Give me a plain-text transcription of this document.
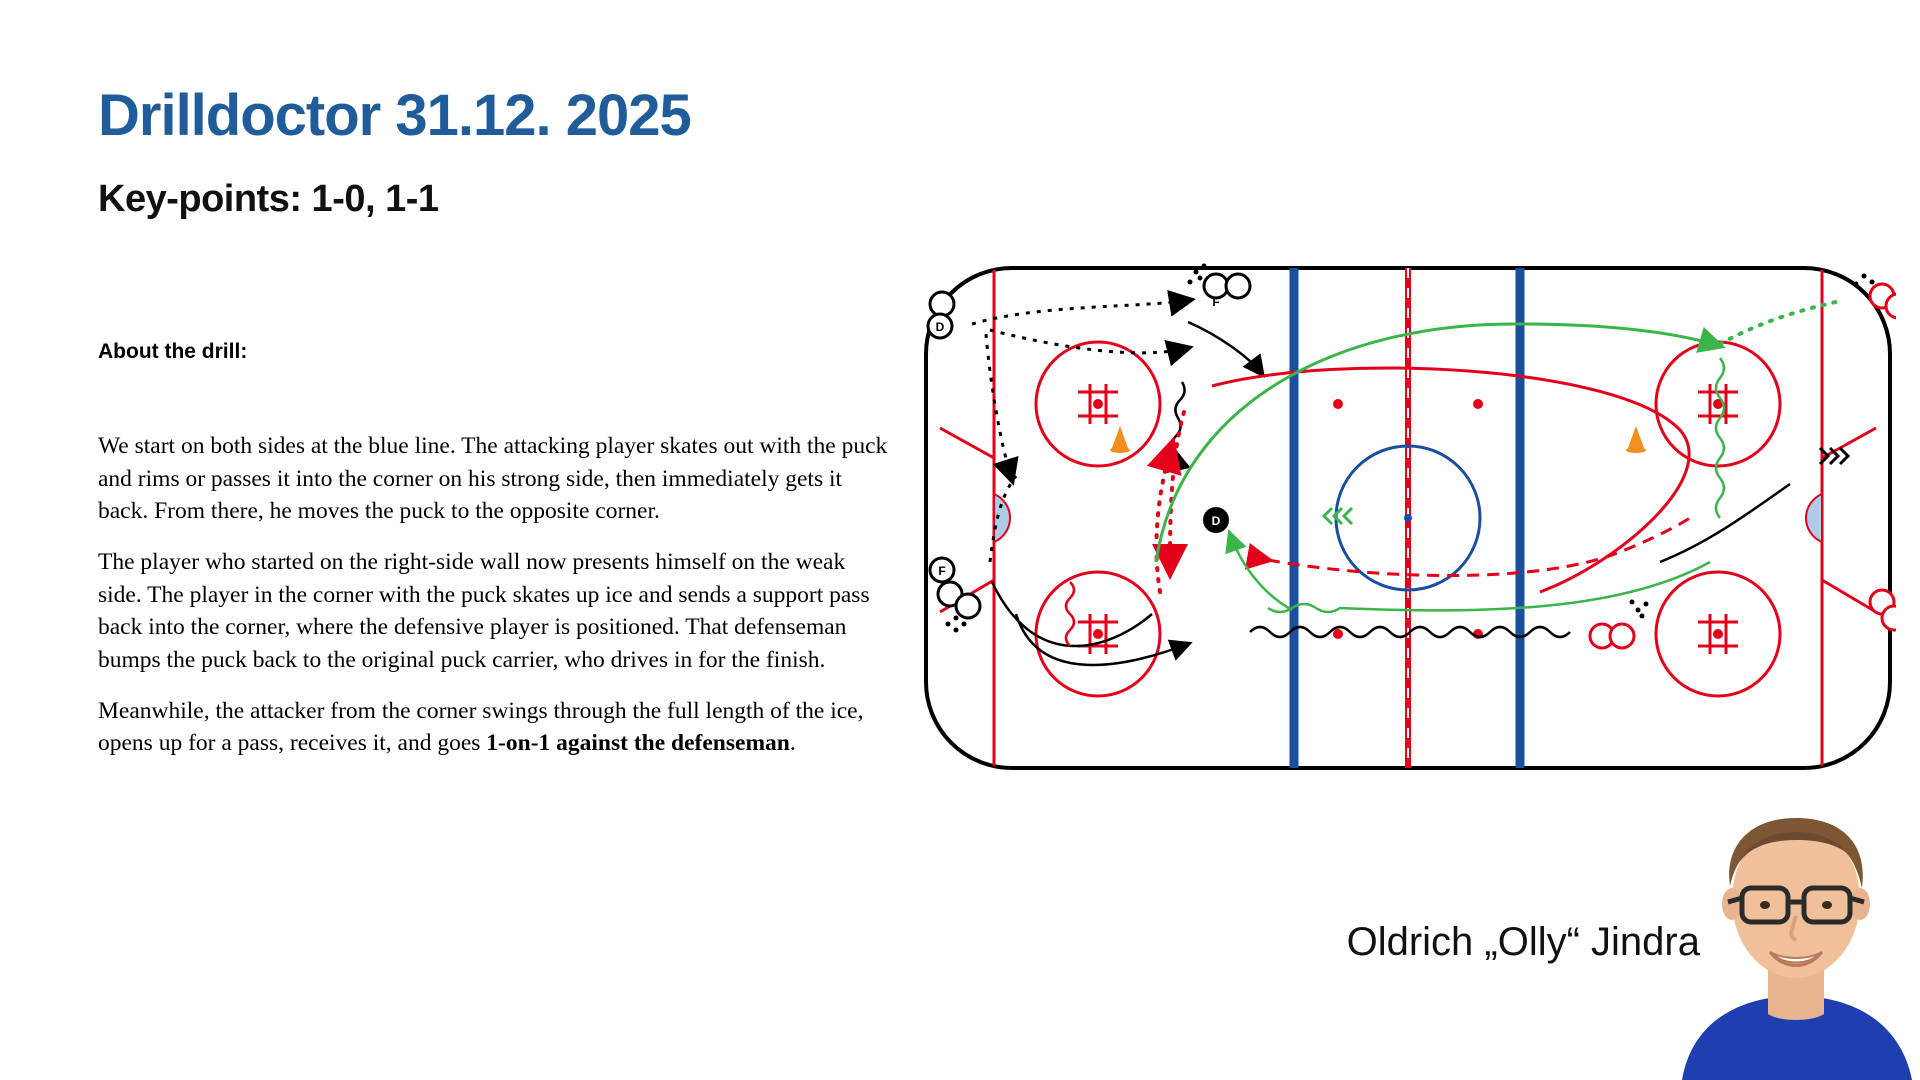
Drilldoctor 31.12. 2025
Key-points: 1-0, 1-1
About the drill:

We start on both sides at the blue line. The attacking player skates out with the puck and rims or passes it into the corner on his strong side, then immediately gets it back. From there, he moves the puck to the opposite corner.

The player who started on the right-side wall now presents himself on the weak side. The player in the corner with the puck skates up ice and sends a support pass back into the corner, where the defensive player is positioned. That defenseman bumps the puck back to the original puck carrier, who drives in for the finish.

Meanwhile, the attacker from the corner swings through the full length of the ice, opens up for a pass, receives it, and goes 1-on-1 against the defenseman.

D
F
F
D
Oldrich „Olly“ Jindra
